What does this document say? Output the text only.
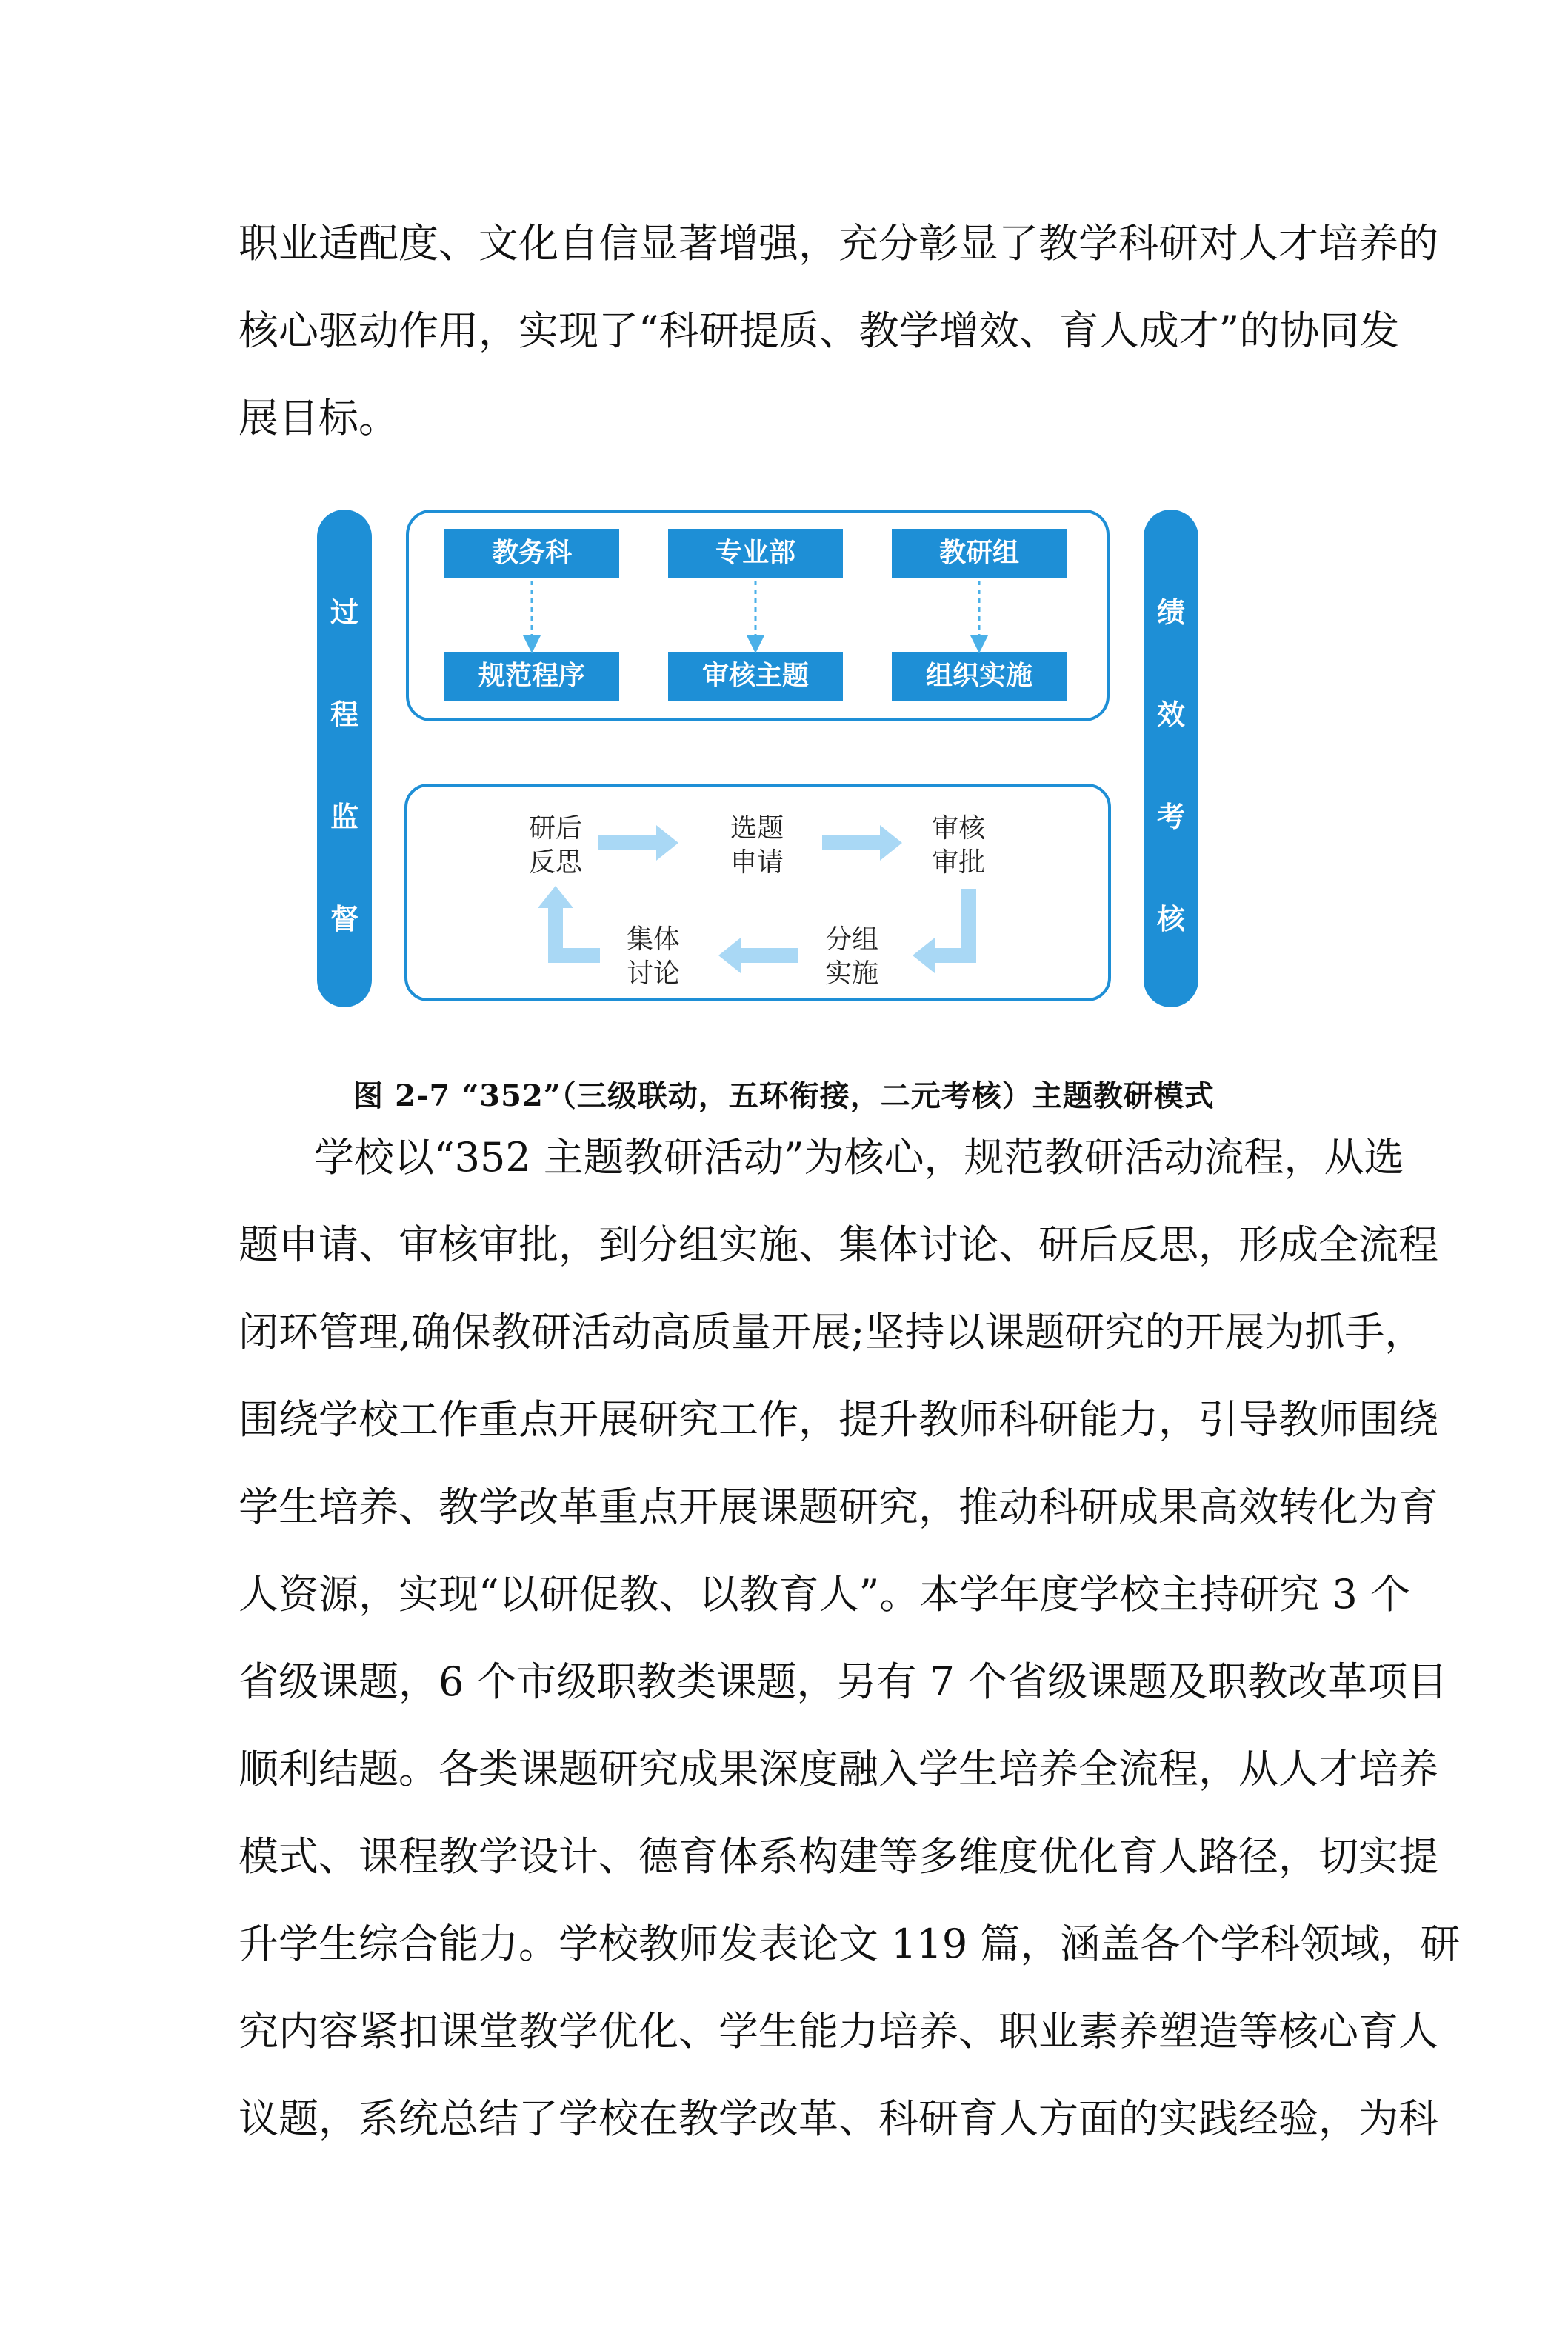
职业适配度、文化自信显著增强，充分彰显了教学科研对人才培养的
核心驱动作用，实现了“科研提质、教学增效、育人成才”的协同发
展目标。
过
程
监
督
绩
效
考
核
教务科	专业部	教研组
规范程序	审核主题	组织实施
研后
反思
选题
申请
审核
审批
分组
实施
集体
讨论
图 2-7 “352”（三级联动，五环衔接，二元考核）主题教研模式
学校以“352 主题教研活动”为核心，规范教研活动流程，从选
题申请、审核审批，到分组实施、集体讨论、研后反思，形成全流程
闭环管理,确保教研活动高质量开展;坚持以课题研究的开展为抓手，
围绕学校工作重点开展研究工作，提升教师科研能力，引导教师围绕
学生培养、教学改革重点开展课题研究，推动科研成果高效转化为育
人资源，实现“以研促教、以教育人”。本学年度学校主持研究 3 个
省级课题，6 个市级职教类课题，另有 7 个省级课题及职教改革项目
顺利结题。各类课题研究成果深度融入学生培养全流程，从人才培养
模式、课程教学设计、德育体系构建等多维度优化育人路径，切实提
升学生综合能力。学校教师发表论文 119 篇，涵盖各个学科领域，研
究内容紧扣课堂教学优化、学生能力培养、职业素养塑造等核心育人
议题，系统总结了学校在教学改革、科研育人方面的实践经验，为科
